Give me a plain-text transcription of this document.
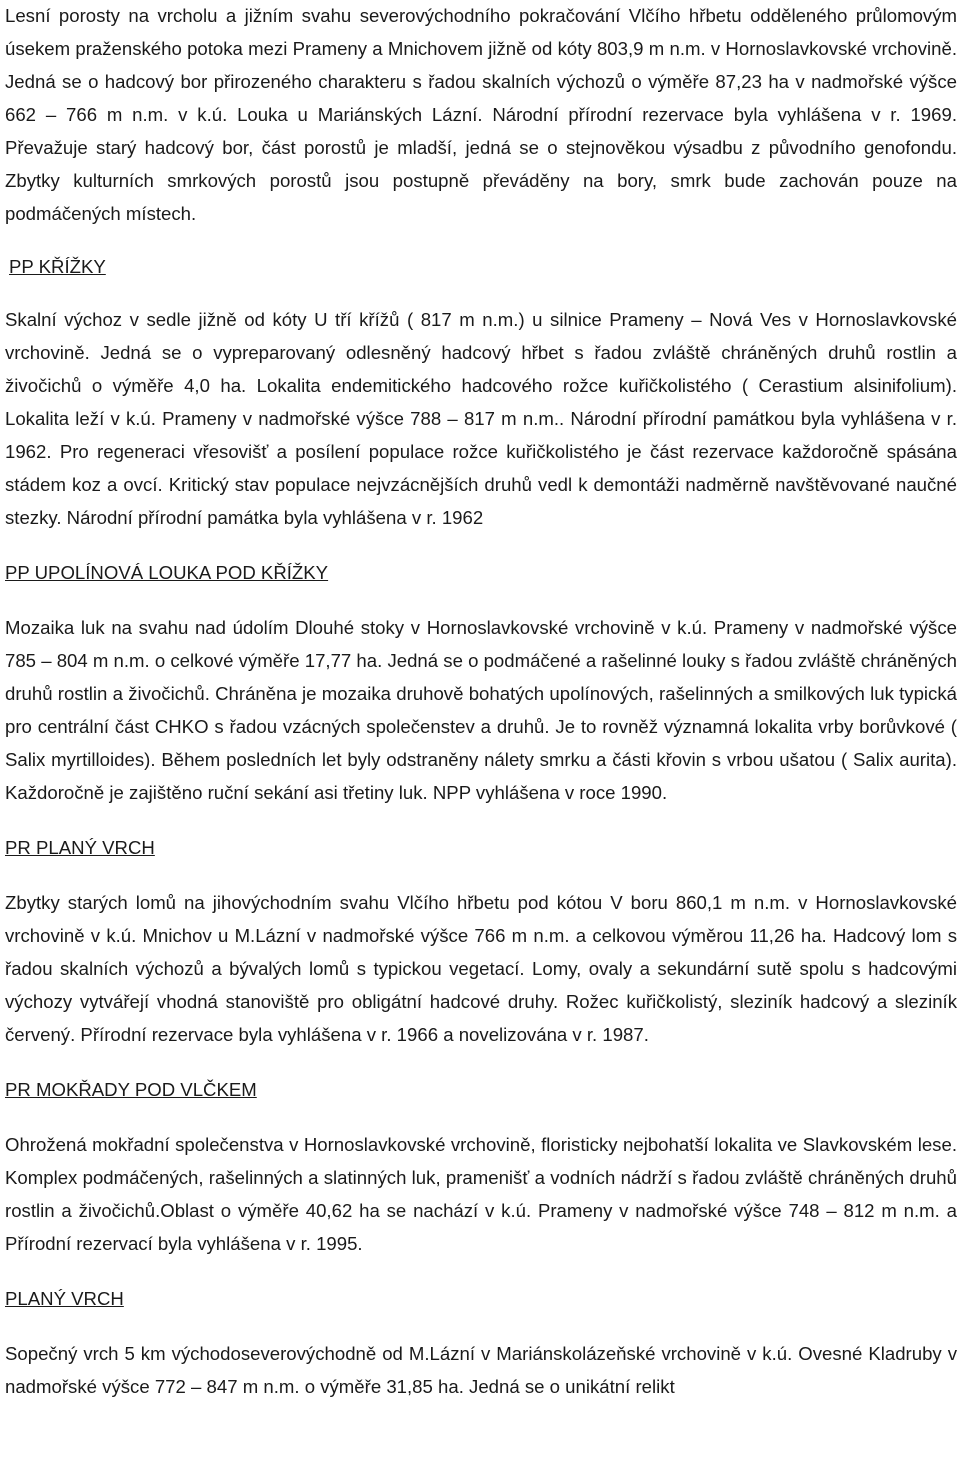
Lesní porosty na vrcholu a jižním svahu severovýchodního pokračování Vlčího hřbetu odděleného průlomovým úsekem praženského potoka mezi Prameny a Mnichovem jižně od kóty 803,9 m n.m. v Hornoslavkovské vrchovině. Jedná se o hadcový bor přirozeného charakteru s řadou skalních výchozů o výměře 87,23 ha v nadmořské výšce 662 – 766 m n.m. v k.ú. Louka u Mariánských Lázní. Národní přírodní rezervace byla vyhlášena v r. 1969. Převažuje starý hadcový bor, část porostů je mladší, jedná se o stejnověkou výsadbu z původního genofondu. Zbytky kulturních smrkových porostů jsou postupně převáděny na bory, smrk bude zachován pouze na podmáčených místech.

PP KŘÍŽKY

Skalní výchoz v sedle jižně od kóty U tří křížů ( 817 m n.m.) u silnice Prameny – Nová Ves v Hornoslavkovské vrchovině. Jedná se o vypreparovaný odlesněný hadcový hřbet s řadou zvláště chráněných druhů rostlin a živočichů o výměře 4,0 ha. Lokalita endemitického hadcového rožce kuřičkolistého ( Cerastium alsinifolium). Lokalita leží v k.ú. Prameny v nadmořské výšce 788 – 817 m n.m.. Národní přírodní památkou byla vyhlášena v r. 1962. Pro regeneraci vřesovišť a posílení populace rožce kuřičkolistého je část rezervace každoročně spásána stádem koz a ovcí. Kritický stav populace nejvzácnějších druhů vedl k demontáži nadměrně navštěvované naučné stezky. Národní přírodní památka byla vyhlášena v r. 1962

PP UPOLÍNOVÁ LOUKA POD KŘÍŽKY

Mozaika luk na svahu nad údolím Dlouhé stoky v Hornoslavkovské vrchovině v k.ú. Prameny v nadmořské výšce 785 – 804 m n.m. o celkové výměře 17,77 ha. Jedná se o podmáčené a rašelinné louky s řadou zvláště chráněných druhů rostlin a živočichů. Chráněna je mozaika druhově bohatých upolínových, rašelinných a smilkových luk typická pro centrální část CHKO s řadou vzácných společenstev a druhů. Je to rovněž významná lokalita vrby borůvkové ( Salix myrtilloides). Během posledních let byly odstraněny nálety smrku a části křovin s vrbou ušatou ( Salix aurita). Každoročně je zajištěno ruční sekání asi třetiny luk. NPP vyhlášena v roce 1990.

PR PLANÝ VRCH

Zbytky starých lomů na jihovýchodním svahu Vlčího hřbetu pod kótou V boru 860,1 m n.m. v Hornoslavkovské vrchovině v k.ú. Mnichov u M.Lázní v nadmořské výšce 766 m n.m. a celkovou výměrou 11,26 ha. Hadcový lom s řadou skalních výchozů a bývalých lomů s typickou vegetací. Lomy, ovaly a sekundární sutě spolu s hadcovými výchozy vytvářejí vhodná stanoviště pro obligátní hadcové druhy. Rožec kuřičkolistý, sleziník hadcový a sleziník červený. Přírodní rezervace byla vyhlášena v r. 1966 a novelizována v r. 1987.

PR MOKŘADY POD VLČKEM

Ohrožená mokřadní společenstva v Hornoslavkovské vrchovině, floristicky nejbohatší lokalita ve Slavkovském lese. Komplex podmáčených, rašelinných a slatinných luk, pramenišť a vodních nádrží s řadou zvláště chráněných druhů rostlin a živočichů.Oblast o výměře 40,62 ha se nachází v k.ú. Prameny v nadmořské výšce 748 – 812 m n.m. a Přírodní rezervací byla vyhlášena v r. 1995.

PLANÝ VRCH

Sopečný vrch 5 km východoseverovýchodně od M.Lázní v Mariánskolázeňské vrchovině v k.ú. Ovesné Kladruby v nadmořské výšce 772 – 847 m n.m. o výměře 31,85 ha. Jedná se o unikátní relikt
